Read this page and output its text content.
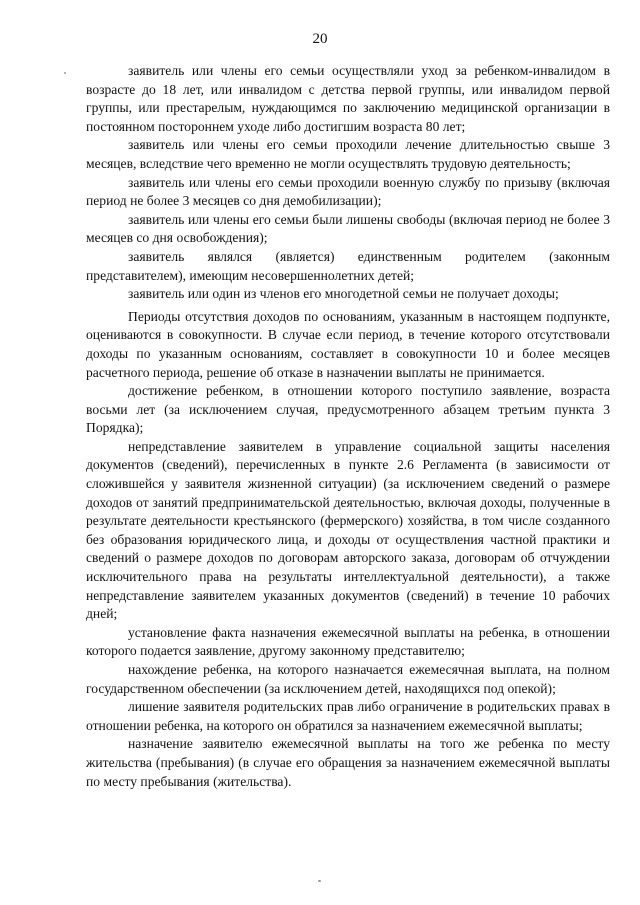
20

заявитель или члены его семьи осуществляли уход за ребенком-инвалидом в возрасте до 18 лет, или инвалидом с детства первой группы, или инвалидом первой группы, или престарелым, нуждающимся по заключению медицинской организации в постоянном постороннем уходе либо достигшим возраста 80 лет;

заявитель или члены его семьи проходили лечение длительностью свыше 3 месяцев, вследствие чего временно не могли осуществлять трудовую деятельность;

заявитель или члены его семьи проходили военную службу по призыву (включая период не более 3 месяцев со дня демобилизации);

заявитель или члены его семьи были лишены свободы (включая период не более 3 месяцев со дня освобождения);

заявитель являлся (является) единственным родителем (законным представителем), имеющим несовершеннолетних детей;

заявитель или один из членов его многодетной семьи не получает доходы;

Периоды отсутствия доходов по основаниям, указанным в настоящем подпункте, оцениваются в совокупности. В случае если период, в течение которого отсутствовали доходы по указанным основаниям, составляет в совокупности 10 и более месяцев расчетного периода, решение об отказе в назначении выплаты не принимается.

достижение ребенком, в отношении которого поступило заявление, возраста восьми лет (за исключением случая, предусмотренного абзацем третьим пункта 3 Порядка);

непредставление заявителем в управление социальной защиты населения документов (сведений), перечисленных в пункте 2.6 Регламента (в зависимости от сложившейся у заявителя жизненной ситуации) (за исключением сведений о размере доходов от занятий предпринимательской деятельностью, включая доходы, полученные в результате деятельности крестьянского (фермерского) хозяйства, в том числе созданного без образования юридического лица, и доходы от осуществления частной практики и сведений о размере доходов по договорам авторского заказа, договорам об отчуждении исключительного права на результаты интеллектуальной деятельности), а также непредставление заявителем указанных документов (сведений) в течение 10 рабочих дней;

установление факта назначения ежемесячной выплаты на ребенка, в отношении которого подается заявление, другому законному представителю;

нахождение ребенка, на которого назначается ежемесячная выплата, на полном государственном обеспечении (за исключением детей, находящихся под опекой);

лишение заявителя родительских прав либо ограничение в родительских правах в отношении ребенка, на которого он обратился за назначением ежемесячной выплаты;

назначение заявителю ежемесячной выплаты на того же ребенка по месту жительства (пребывания) (в случае его обращения за назначением ежемесячной выплаты по месту пребывания (жительства).
